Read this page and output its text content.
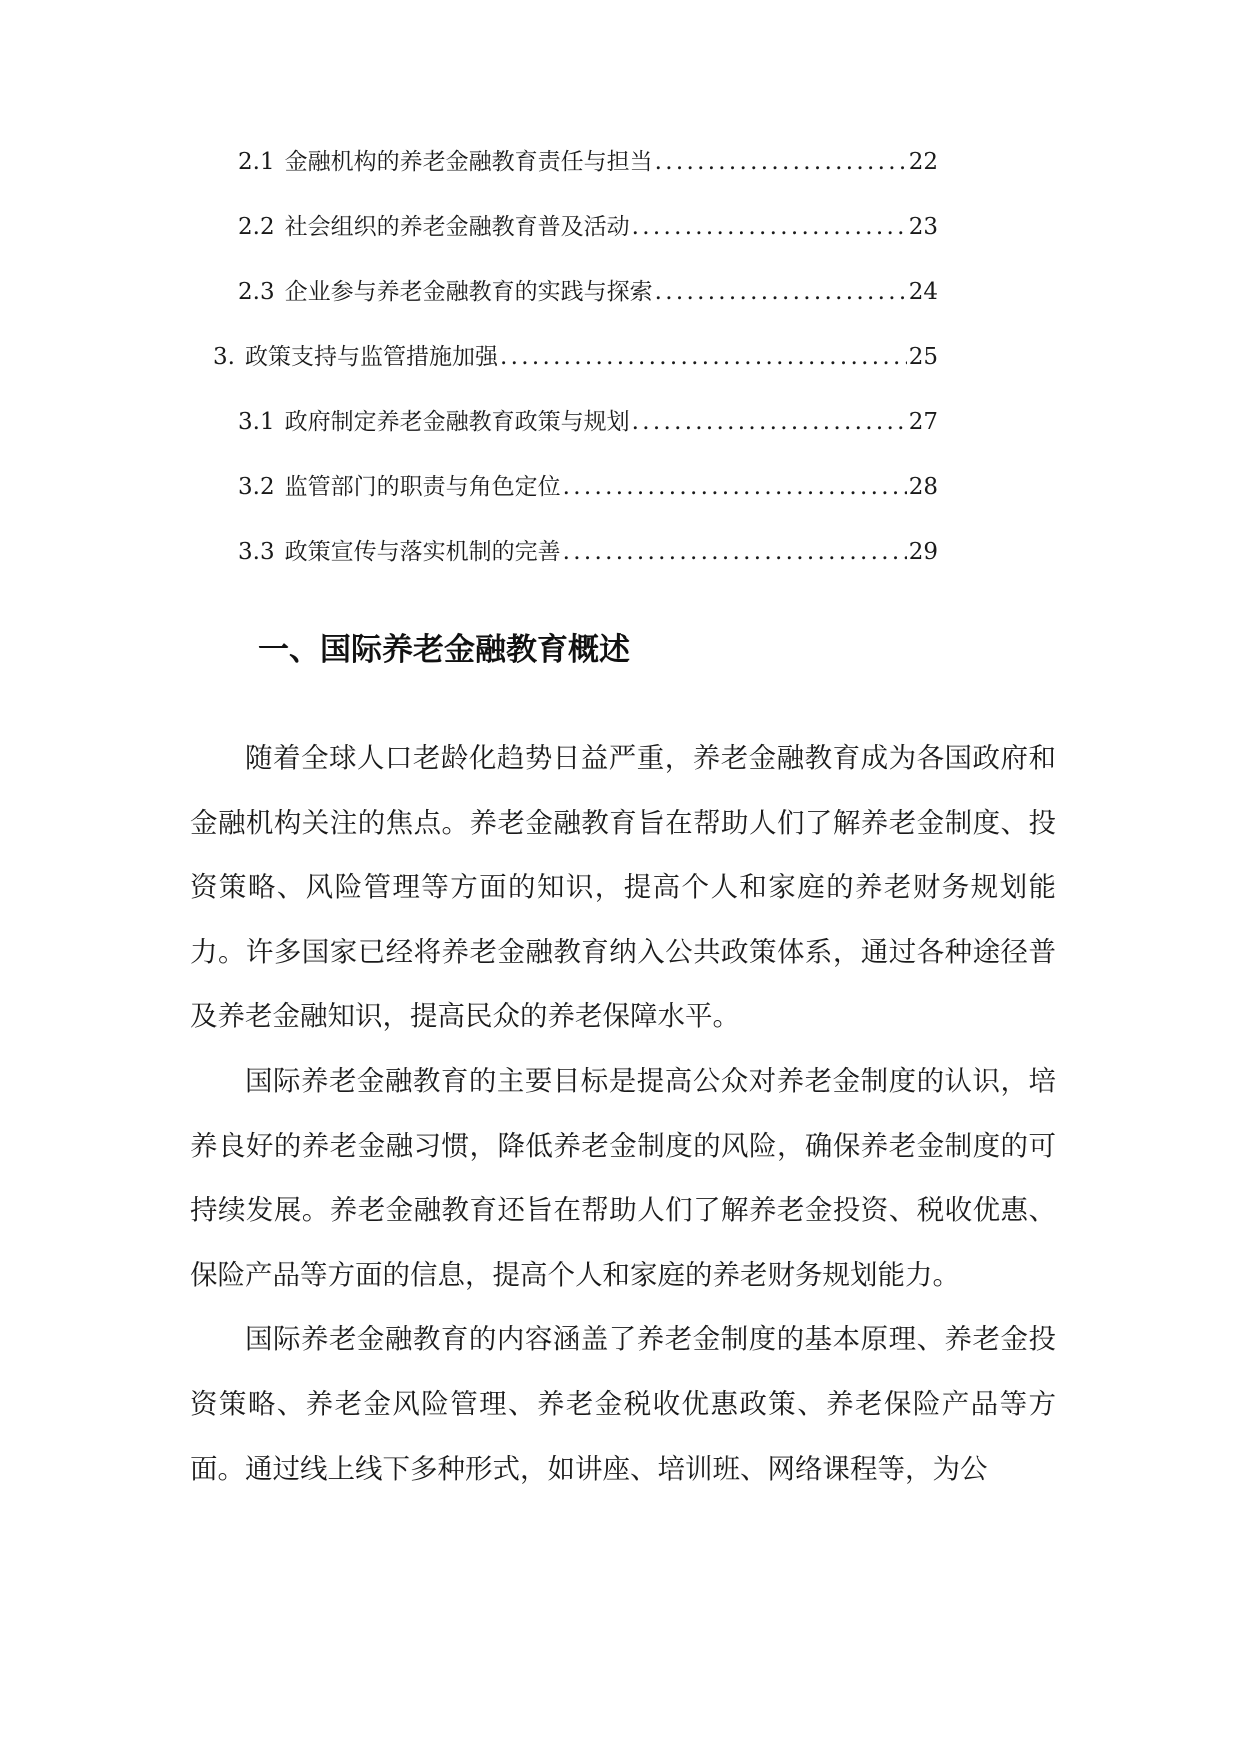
2.1 金融机构的养老金融教育责任与担当 . . .	22
2.2 社会组织的养老金融教育普及活动 . . .	23
2.3 企业参与养老金融教育的实践与探索 . . .	24
3. 政策支持与监管措施加强 . . .	25
3.1 政府制定养老金融教育政策与规划 . . .	27
3.2 监管部门的职责与角色定位 . . .	28
3.3 政策宣传与落实机制的完善 . . .	29
一、国际养老金融教育概述

随着全球人口老龄化趋势日益严重，养老金融教育成为各国政府和金融机构关注的焦点。养老金融教育旨在帮助人们了解养老金制度、投资策略、风险管理等方面的知识，提高个人和家庭的养老财务规划能力。许多国家已经将养老金融教育纳入公共政策体系，通过各种途径普及养老金融知识，提高民众的养老保障水平。

国际养老金融教育的主要目标是提高公众对养老金制度的认识，培养良好的养老金融习惯，降低养老金制度的风险，确保养老金制度的可持续发展。养老金融教育还旨在帮助人们了解养老金投资、税收优惠、保险产品等方面的信息，提高个人和家庭的养老财务规划能力。

国际养老金融教育的内容涵盖了养老金制度的基本原理、养老金投资策略、养老金风险管理、养老金税收优惠政策、养老保险产品等方面。通过线上线下多种形式，如讲座、培训班、网络课程等，为公
